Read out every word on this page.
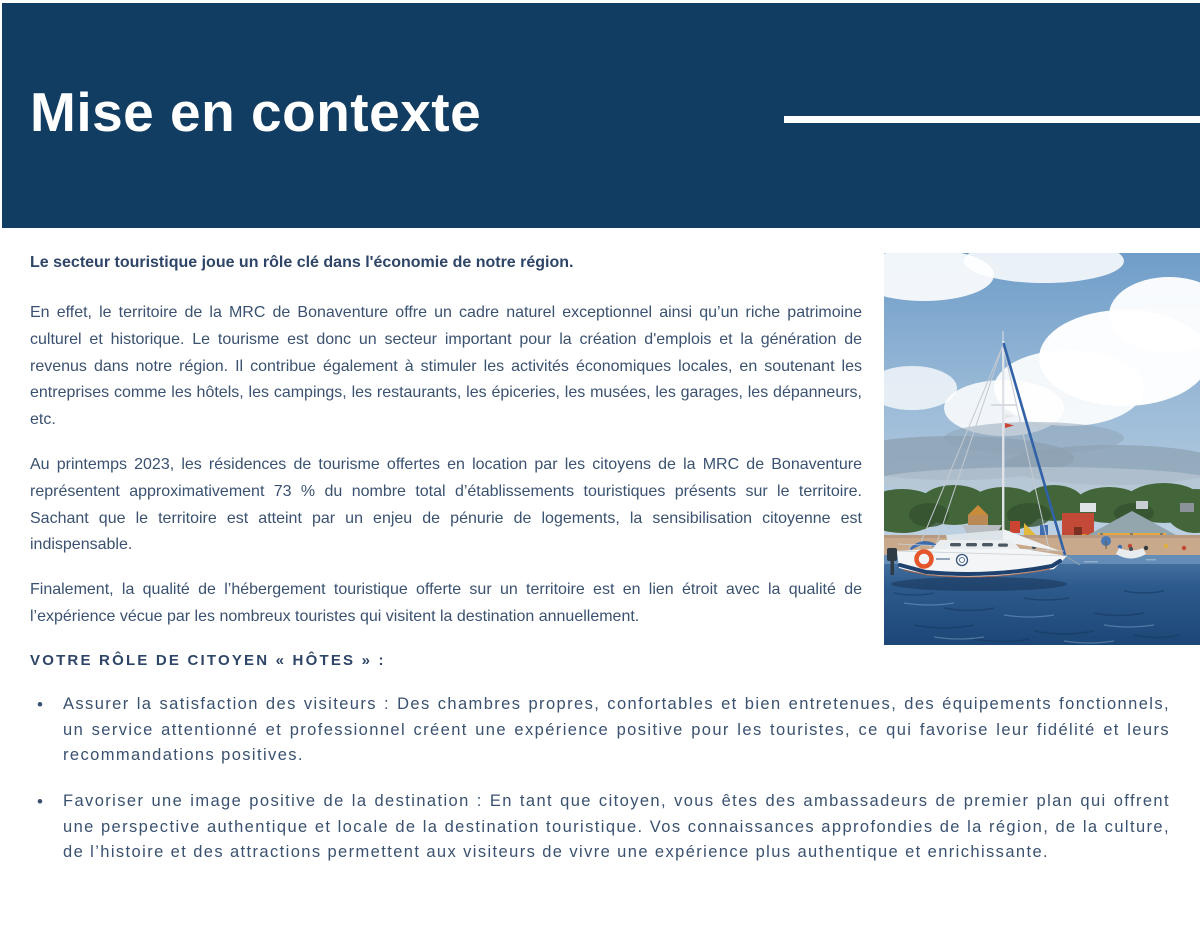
Mise en contexte

Le secteur touristique joue un rôle clé dans l'économie de notre région.

En effet, le territoire de la MRC de Bonaventure offre un cadre naturel exceptionnel ainsi qu’un riche patrimoine culturel et historique. Le tourisme est donc un secteur important pour la création d'emplois et la génération de revenus dans notre région. Il contribue également à stimuler les activités économiques locales, en soutenant les entreprises comme les hôtels, les campings, les restaurants, les épiceries, les musées, les garages, les dépanneurs, etc.

Au printemps 2023, les résidences de tourisme offertes en location par les citoyens de la MRC de Bonaventure représentent approximativement 73 % du nombre total d’établissements touristiques présents sur le territoire. Sachant que le territoire est atteint par un enjeu de pénurie de logements, la sensibilisation citoyenne est indispensable.

Finalement, la qualité de l’hébergement touristique offerte sur un territoire est en lien étroit avec la qualité de l’expérience vécue par les nombreux touristes qui visitent la destination annuellement.

VOTRE RÔLE DE CITOYEN « HÔTES » :
•	Assurer la satisfaction des visiteurs : Des chambres propres, confortables et bien entretenues, des équipements fonctionnels, un service attentionné et professionnel créent une expérience positive pour les touristes, ce qui favorise leur fidélité et leurs recommandations positives.

•	Favoriser une image positive de la destination : En tant que citoyen, vous êtes des ambassadeurs de premier plan qui offrent une perspective authentique et locale de la destination touristique. Vos connaissances approfondies de la région, de la culture, de l’histoire et des attractions permettent aux visiteurs de vivre une expérience plus authentique et enrichissante.
